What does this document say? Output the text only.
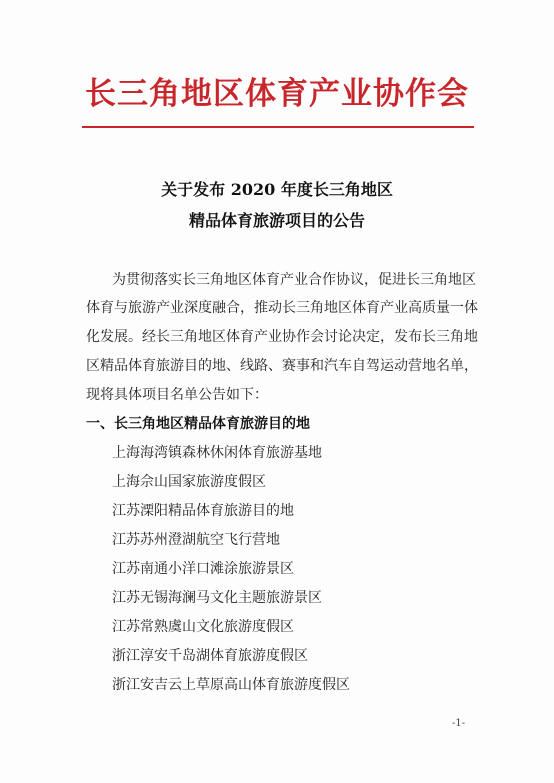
长三角地区体育产业协作会
关于发布 2020 年度长三角地区
精品体育旅游项目的公告
为贯彻落实长三角地区体育产业合作协议，促进长三角地区
体育与旅游产业深度融合，推动长三角地区体育产业高质量一体
化发展。经长三角地区体育产业协作会讨论决定，发布长三角地
区精品体育旅游目的地、线路、赛事和汽车自驾运动营地名单，
现将具体项目名单公告如下：
一、长三角地区精品体育旅游目的地
上海海湾镇森林休闲体育旅游基地
上海佘山国家旅游度假区
江苏溧阳精品体育旅游目的地
江苏苏州澄湖航空飞行营地
江苏南通小洋口滩涂旅游景区
江苏无锡海澜马文化主题旅游景区
江苏常熟虞山文化旅游度假区
浙江淳安千岛湖体育旅游度假区
浙江安吉云上草原高山体育旅游度假区
-1-
